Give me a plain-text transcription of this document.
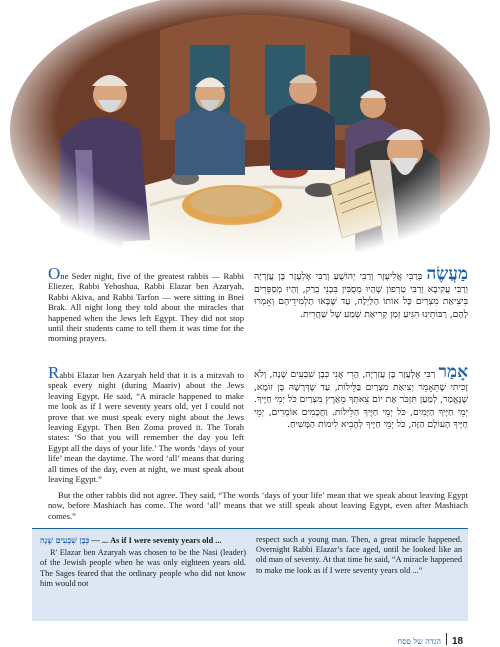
One Seder night, five of the greatest rabbis — Rabbi Eliezer, Rabbi Yehoshua, Rabbi Elazar ben Azaryah, Rabbi Akiva, and Rabbi Tarfon — were sitting in Bnei Brak. All night long they told about the miracles that happened when the Jews left Egypt. They did not stop until their students came to tell them it was time for the morning prayers.
Rabbi Elazar ben Azaryah held that it is a mitzvah to speak every night (during Maariv) about the Jews leaving Egypt. He said, “A miracle happened to make me look as if I were seventy years old, yet I could not prove that we must speak every night about the Jews leaving Egypt. Then Ben Zoma proved it. The Torah states: ‘So that you will remember the day you left Egypt all the days of your life.’ The words ‘days of your life’ mean the daytime. The word ‘all’ means that during all times of the day, even at night, we must speak about leaving Egypt.”
But the other rabbis did not agree. They said, “The words ‘days of your life’ mean that we speak about leaving Egypt now, before Mashiach has come. The word ‘all’ means that we still speak about leaving Egypt, even after Mashiach comes.”
מַעֲשֶׂה בְּרַבִּי אֱלִיעֶזֶר וְרַבִּי יְהוֹשֻׁעַ וְרַבִּי אֶלְעָזָר בֶּן עֲזַרְיָה וְרַבִּי עֲקִיבָא וְרַבִּי טַרְפוֹן שֶׁהָיוּ מְסֻבִּין בִּבְנֵי בְרַק, וְהָיוּ מְסַפְּרִים בִּיצִיאַת מִצְרַיִם כָּל אוֹתוֹ הַלַּיְלָה, עַד שֶׁבָּאוּ תַלְמִידֵיהֶם וְאָמְרוּ לָהֶם, רַבּוֹתֵינוּ הִגִּיעַ זְמַן קְרִיאַת שְׁמַע שֶׁל שַׁחֲרִית.
אָמַר רַבִּי אֶלְעָזָר בֶּן עֲזַרְיָה, הֲרֵי אֲנִי כְּבֶן שִׁבְעִים שָׁנָה, וְלֹא זָכִיתִי שֶׁתֵּאָמֵר יְצִיאַת מִצְרַיִם בַּלֵּילוֹת, עַד שֶׁדְּרָשָׁהּ בֶּן זוֹמָא, שֶׁנֶּאֱמַר, לְמַעַן תִּזְכֹּר אֶת יוֹם צֵאתְךָ מֵאֶרֶץ מִצְרַיִם כֹּל יְמֵי חַיֶּיךָ. יְמֵי חַיֶּיךָ הַיָּמִים, כֹּל יְמֵי חַיֶּיךָ הַלֵּילוֹת. וַחֲכָמִים אוֹמְרִים, יְמֵי חַיֶּיךָ הָעוֹלָם הַזֶּה, כֹּל יְמֵי חַיֶּיךָ לְהָבִיא לִימוֹת הַמָּשִׁיחַ.
כְּבֶן שִׁבְעִים שָׁנָה — ... As if I were seventy years old ...
R' Elazar ben Azaryah was chosen to be the Nasi (leader) of the Jewish people when he was only eighteen years old. The Sages feared that the ordinary people who did not know him would not
respect such a young man. Then, a great miracle happened. Overnight Rabbi Elazar’s face aged, until he looked like an old man of seventy. At that time he said, “A miracle happened to make me look as if I were seventy years old ...”
הגדה של פסח 18
